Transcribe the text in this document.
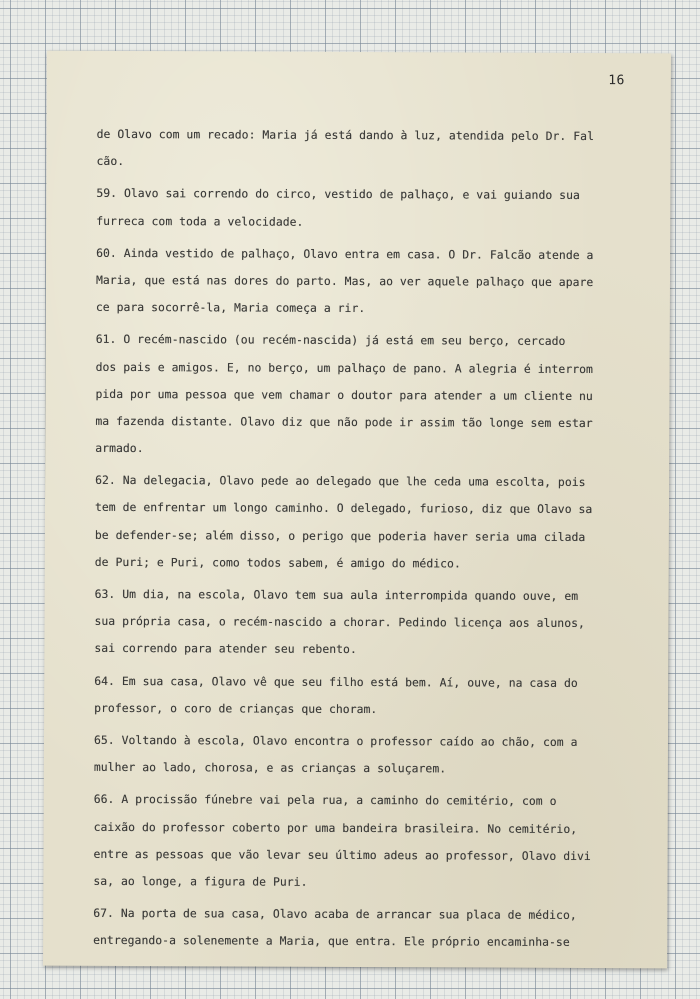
16
de Olavo com um recado: Maria já está dando à luz, atendida pelo Dr. Fal
cão.
59. Olavo sai correndo do circo, vestido de palhaço, e vai guiando sua
furreca com toda a velocidade.
60. Ainda vestido de palhaço, Olavo entra em casa. O Dr. Falcão atende a
Maria, que está nas dores do parto. Mas, ao ver aquele palhaço que apare
ce para socorrê-la, Maria começa a rir.
61. O recém-nascido (ou recém-nascida) já está em seu berço, cercado
dos pais e amigos. E, no berço, um palhaço de pano. A alegria é interrom
pida por uma pessoa que vem chamar o doutor para atender a um cliente nu
ma fazenda distante. Olavo diz que não pode ir assim tão longe sem estar
armado.
62. Na delegacia, Olavo pede ao delegado que lhe ceda uma escolta, pois
tem de enfrentar um longo caminho. O delegado, furioso, diz que Olavo sa
be defender-se; além disso, o perigo que poderia haver seria uma cilada
de Puri; e Puri, como todos sabem, é amigo do médico.
63. Um dia, na escola, Olavo tem sua aula interrompida quando ouve, em
sua própria casa, o recém-nascido a chorar. Pedindo licença aos alunos,
sai correndo para atender seu rebento.
64. Em sua casa, Olavo vê que seu filho está bem. Aí, ouve, na casa do
professor, o coro de crianças que choram.
65. Voltando à escola, Olavo encontra o professor caído ao chão, com a
mulher ao lado, chorosa, e as crianças a soluçarem.
66. A procissão fúnebre vai pela rua, a caminho do cemitério, com o
caixão do professor coberto por uma bandeira brasileira. No cemitério,
entre as pessoas que vão levar seu último adeus ao professor, Olavo divi
sa, ao longe, a figura de Puri.
67. Na porta de sua casa, Olavo acaba de arrancar sua placa de médico,
entregando-a solenemente a Maria, que entra. Ele próprio encaminha-se
